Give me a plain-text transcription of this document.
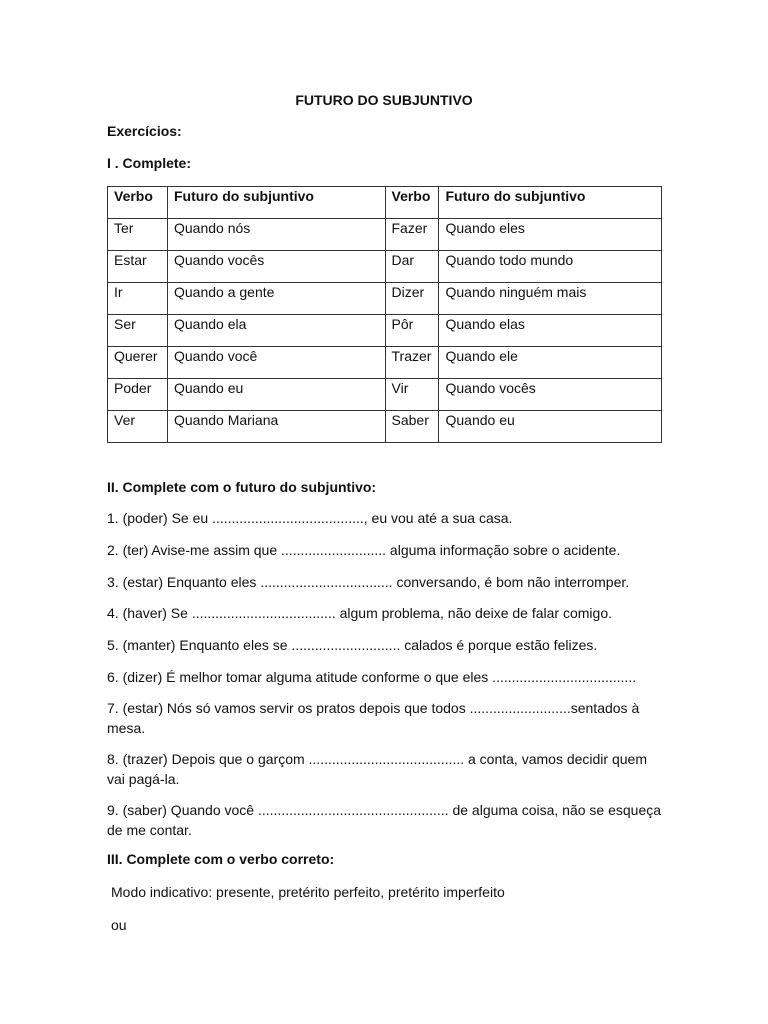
FUTURO DO SUBJUNTIVO
Exercícios:
I . Complete:
Verbo	Futuro do subjuntivo	Verbo	Futuro do subjuntivo
Ter	Quando nós	Fazer	Quando eles
Estar	Quando vocês	Dar	Quando todo mundo
Ir	Quando a gente	Dizer	Quando ninguém mais
Ser	Quando ela	Pôr	Quando elas
Querer	Quando você	Trazer	Quando ele
Poder	Quando eu	Vir	Quando vocês
Ver	Quando Mariana	Saber	Quando eu
II. Complete com o futuro do subjuntivo:
1. (poder) Se eu ......................................., eu vou até a sua casa.
2. (ter) Avise-me assim que ........................... alguma informação sobre o acidente.
3. (estar) Enquanto eles .................................. conversando, é bom não interromper.
4. (haver) Se ..................................... algum problema, não deixe de falar comigo.
5. (manter) Enquanto eles se ............................ calados é porque estão felizes.
6. (dizer) É melhor tomar alguma atitude conforme o que eles .....................................
7. (estar) Nós só vamos servir os pratos depois que todos ..........................sentados à mesa.
8. (trazer) Depois que o garçom ........................................ a conta, vamos decidir quem vai pagá-la.
9. (saber) Quando você ................................................. de alguma coisa, não se esqueça de me contar.
III. Complete com o verbo correto:
Modo indicativo: presente, pretérito perfeito, pretérito imperfeito
ou
